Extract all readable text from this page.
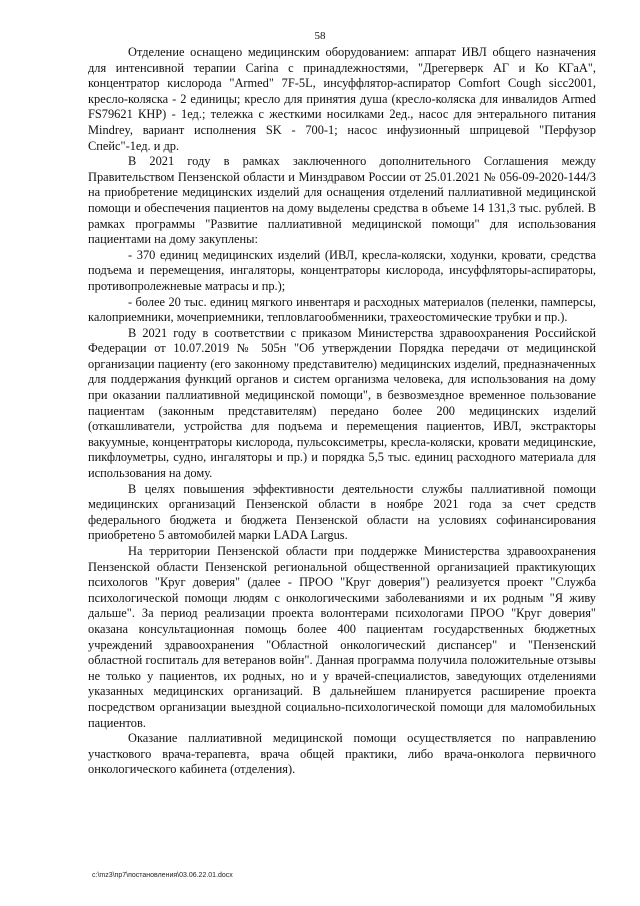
58

Отделение оснащено медицинским оборудованием: аппарат ИВЛ общего назначения для интенсивной терапии Carina с принадлежностями, "Дрегерверк АГ и Ко КГаА", концентратор кислорода "Armed" 7F-5L, инсуффлятор-аспиратор Comfort Cough sicc2001, кресло-коляска - 2 единицы; кресло для принятия душа (кресло-коляска для инвалидов Armed FS79621 КНР) - 1ед.; тележка с жесткими носилками 2ед., насос для энтерального питания Mindrey, вариант исполнения SK - 700-1; насос инфузионный шприцевой "Перфузор Спейс"-1ед. и др.

В 2021 году в рамках заключенного дополнительного Соглашения между Правительством Пензенской области и Минздравом России от 25.01.2021 № 056-09-2020-144/3 на приобретение медицинских изделий для оснащения отделений паллиативной медицинской помощи и обеспечения пациентов на дому выделены средства в объеме 14 131,3 тыс. рублей. В рамках программы "Развитие паллиативной медицинской помощи" для использования пациентами на дому закуплены:

- 370 единиц медицинских изделий (ИВЛ, кресла-коляски, ходунки, кровати, средства подъема и перемещения, ингаляторы, концентраторы кислорода, инсуффляторы-аспираторы, противопролежневые матрасы и пр.);

- более 20 тыс. единиц мягкого инвентаря и расходных материалов (пеленки, памперсы, калоприемники, мочеприемники, тепловлагообменники, трахеостомические трубки и пр.).

В 2021 году в соответствии с приказом Министерства здравоохранения Российской Федерации от 10.07.2019 № 505н "Об утверждении Порядка передачи от медицинской организации пациенту (его законному представителю) медицинских изделий, предназначенных для поддержания функций органов и систем организма человека, для использования на дому при оказании паллиативной медицинской помощи", в безвозмездное временное пользование пациентам (законным представителям) передано более 200 медицинских изделий (откашливатели, устройства для подъема и перемещения пациентов, ИВЛ, экстракторы вакуумные, концентраторы кислорода, пульсоксиметры, кресла-коляски, кровати медицинские, пикфлоуметры, судно, ингаляторы и пр.) и порядка 5,5 тыс. единиц расходного материала для использования на дому.

В целях повышения эффективности деятельности службы паллиативной помощи медицинских организаций Пензенской области в ноябре 2021 года за счет средств федерального бюджета и бюджета Пензенской области на условиях софинансирования приобретено 5 автомобилей марки LADA Largus.

На территории Пензенской области при поддержке Министерства здравоохранения Пензенской области Пензенской региональной общественной организацией практикующих психологов "Круг доверия" (далее - ПРОО "Круг доверия") реализуется проект "Служба психологической помощи людям с онкологическими заболеваниями и их родным "Я живу дальше". За период реализации проекта волонтерами психологами ПРОО "Круг доверия" оказана консультационная помощь более 400 пациентам государственных бюджетных учреждений здравоохранения "Областной онкологический диспансер" и "Пензенский областной госпиталь для ветеранов войн". Данная программа получила положительные отзывы не только у пациентов, их родных, но и у врачей-специалистов, заведующих отделениями указанных медицинских организаций. В дальнейшем планируется расширение проекта посредством организации выездной социально-психологической помощи для маломобильных пациентов.

Оказание паллиативной медицинской помощи осуществляется по направлению участкового врача-терапевта, врача общей практики, либо врача-онколога первичного онкологического кабинета (отделения).

c:\mz3\пр7\постановления\03.06.22.01.docx
